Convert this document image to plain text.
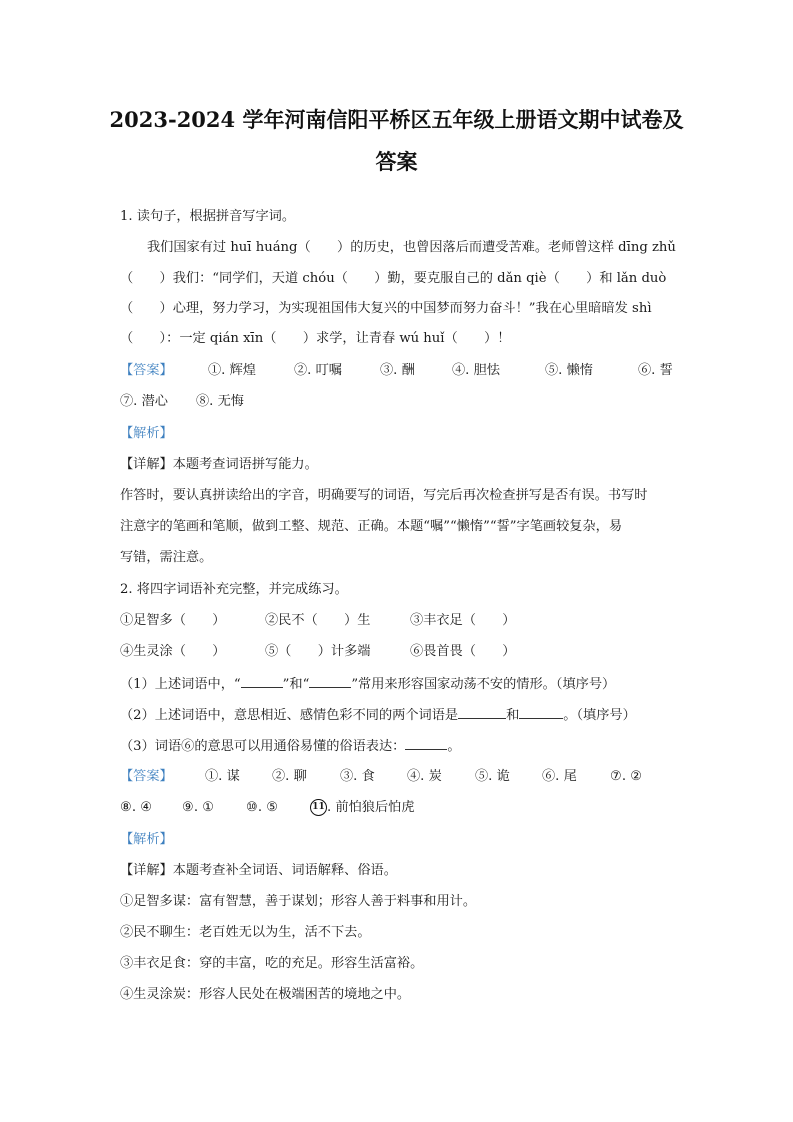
2023-2024 学年河南信阳平桥区五年级上册语文期中试卷及
答案
1. 读句子，根据拼音写字词。
我们国家有过 huī huáng（　　）的历史，也曾因落后而遭受苦难。老师曾这样 dīng zhǔ
（　　）我们：“同学们，天道 chóu（　　）勤，要克服自己的 dǎn qiè（　　）和 lǎn duò
（　　）心理，努力学习，为实现祖国伟大复兴的中国梦而努力奋斗！”我在心里暗暗发 shì
（　　）：一定 qián xīn（　　）求学，让青春 wú huǐ（　　）！
【答案】	①. 辉煌	②. 叮嘱	③. 酬	④. 胆怯	⑤. 懒惰	⑥. 誓
⑦. 潜心 ⑧. 无悔
【解析】
【详解】本题考查词语拼写能力。
作答时，要认真拼读给出的字音，明确要写的词语，写完后再次检查拼写是否有误。书写时
注意字的笔画和笔顺，做到工整、规范、正确。本题“嘱”“懒惰”“誓”字笔画较复杂，易
写错，需注意。
2. 将四字词语补充完整，并完成练习。
①足智多（　　）	②民不（　　）生	③丰衣足（　　）
④生灵涂（　　）	⑤（　　）计多端	⑥畏首畏（　　）
（1）上述词语中，“	”和“	”常用来形容国家动荡不安的情形。（填序号）
（2）上述词语中，意思相近、感情色彩不同的两个词语是	和	。（填序号）
（3）词语⑥的意思可以用通俗易懂的俗语表达：	。
【答案】 ①. 谋 ②. 聊	③. 食 ④. 炭	⑤. 诡 ⑥. 尾	⑦. ②
⑧. ④ ⑨. ① ⑩. ⑤	11 . 前怕狼后怕虎
【解析】
【详解】本题考查补全词语、词语解释、俗语。
①足智多谋：富有智慧，善于谋划；形容人善于料事和用计。
②民不聊生：老百姓无以为生，活不下去。
③丰衣足食：穿的丰富，吃的充足。形容生活富裕。
④生灵涂炭：形容人民处在极端困苦的境地之中。
